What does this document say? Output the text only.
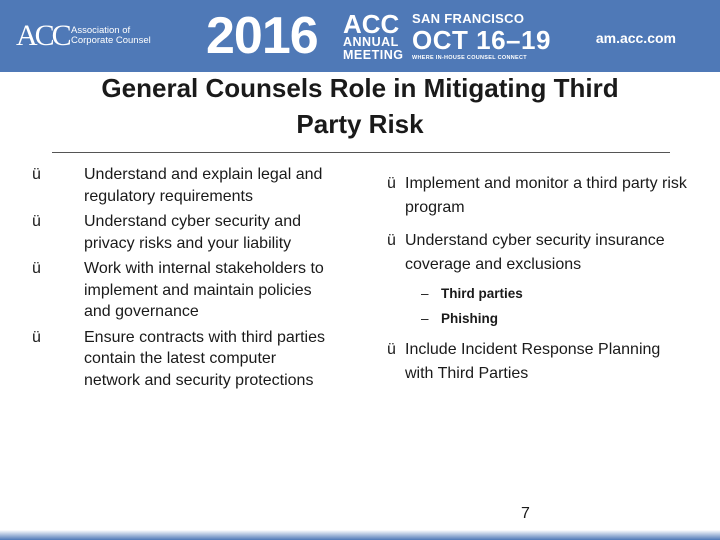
ACC Association of
Corporate Counsel	2016 ACC
ANNUAL
MEETING
SAN FRANCISCO
OCT 16–19
WHERE IN-HOUSE COUNSEL CONNECT
am.acc.com
General Counsels Role in Mitigating Third Party Risk
ü	Understand and explain legal and regulatory requirements
ü	Understand cyber security and privacy risks and your liability
ü	Work with internal stakeholders to implement and maintain policies and governance
ü	Ensure contracts with third parties contain the latest computer network and security protections
ü Implement and monitor a third party risk program
ü Understand cyber security insurance coverage and exclusions
– Third parties
– Phishing
ü Include Incident Response Planning with Third Parties
7
